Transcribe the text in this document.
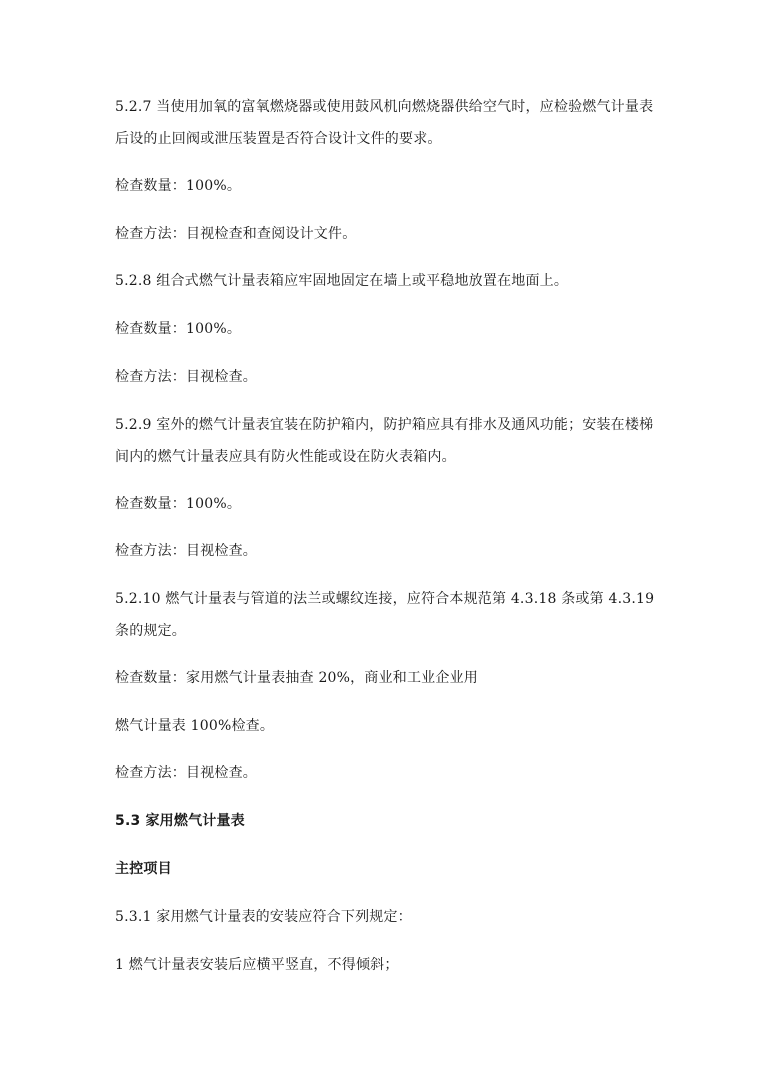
5.2.7 当使用加氧的富氧燃烧器或使用鼓风机向燃烧器供给空气时，应检验燃气计量表
后设的止回阀或泄压装置是否符合设计文件的要求。
检查数量：100%。
检查方法：目视检查和查阅设计文件。
5.2.8 组合式燃气计量表箱应牢固地固定在墙上或平稳地放置在地面上。
检查数量：100%。
检查方法：目视检查。
5.2.9 室外的燃气计量表宜装在防护箱内，防护箱应具有排水及通风功能；安装在楼梯
间内的燃气计量表应具有防火性能或设在防火表箱内。
检查数量：100%。
检查方法：目视检查。
5.2.10 燃气计量表与管道的法兰或螺纹连接，应符合本规范第 4.3.18 条或第 4.3.19
条的规定。
检查数量：家用燃气计量表抽查 20%，商业和工业企业用
燃气计量表 100%检查。
检查方法：目视检查。
5.3 家用燃气计量表
主控项目
5.3.1 家用燃气计量表的安装应符合下列规定：
1 燃气计量表安装后应横平竖直，不得倾斜；
